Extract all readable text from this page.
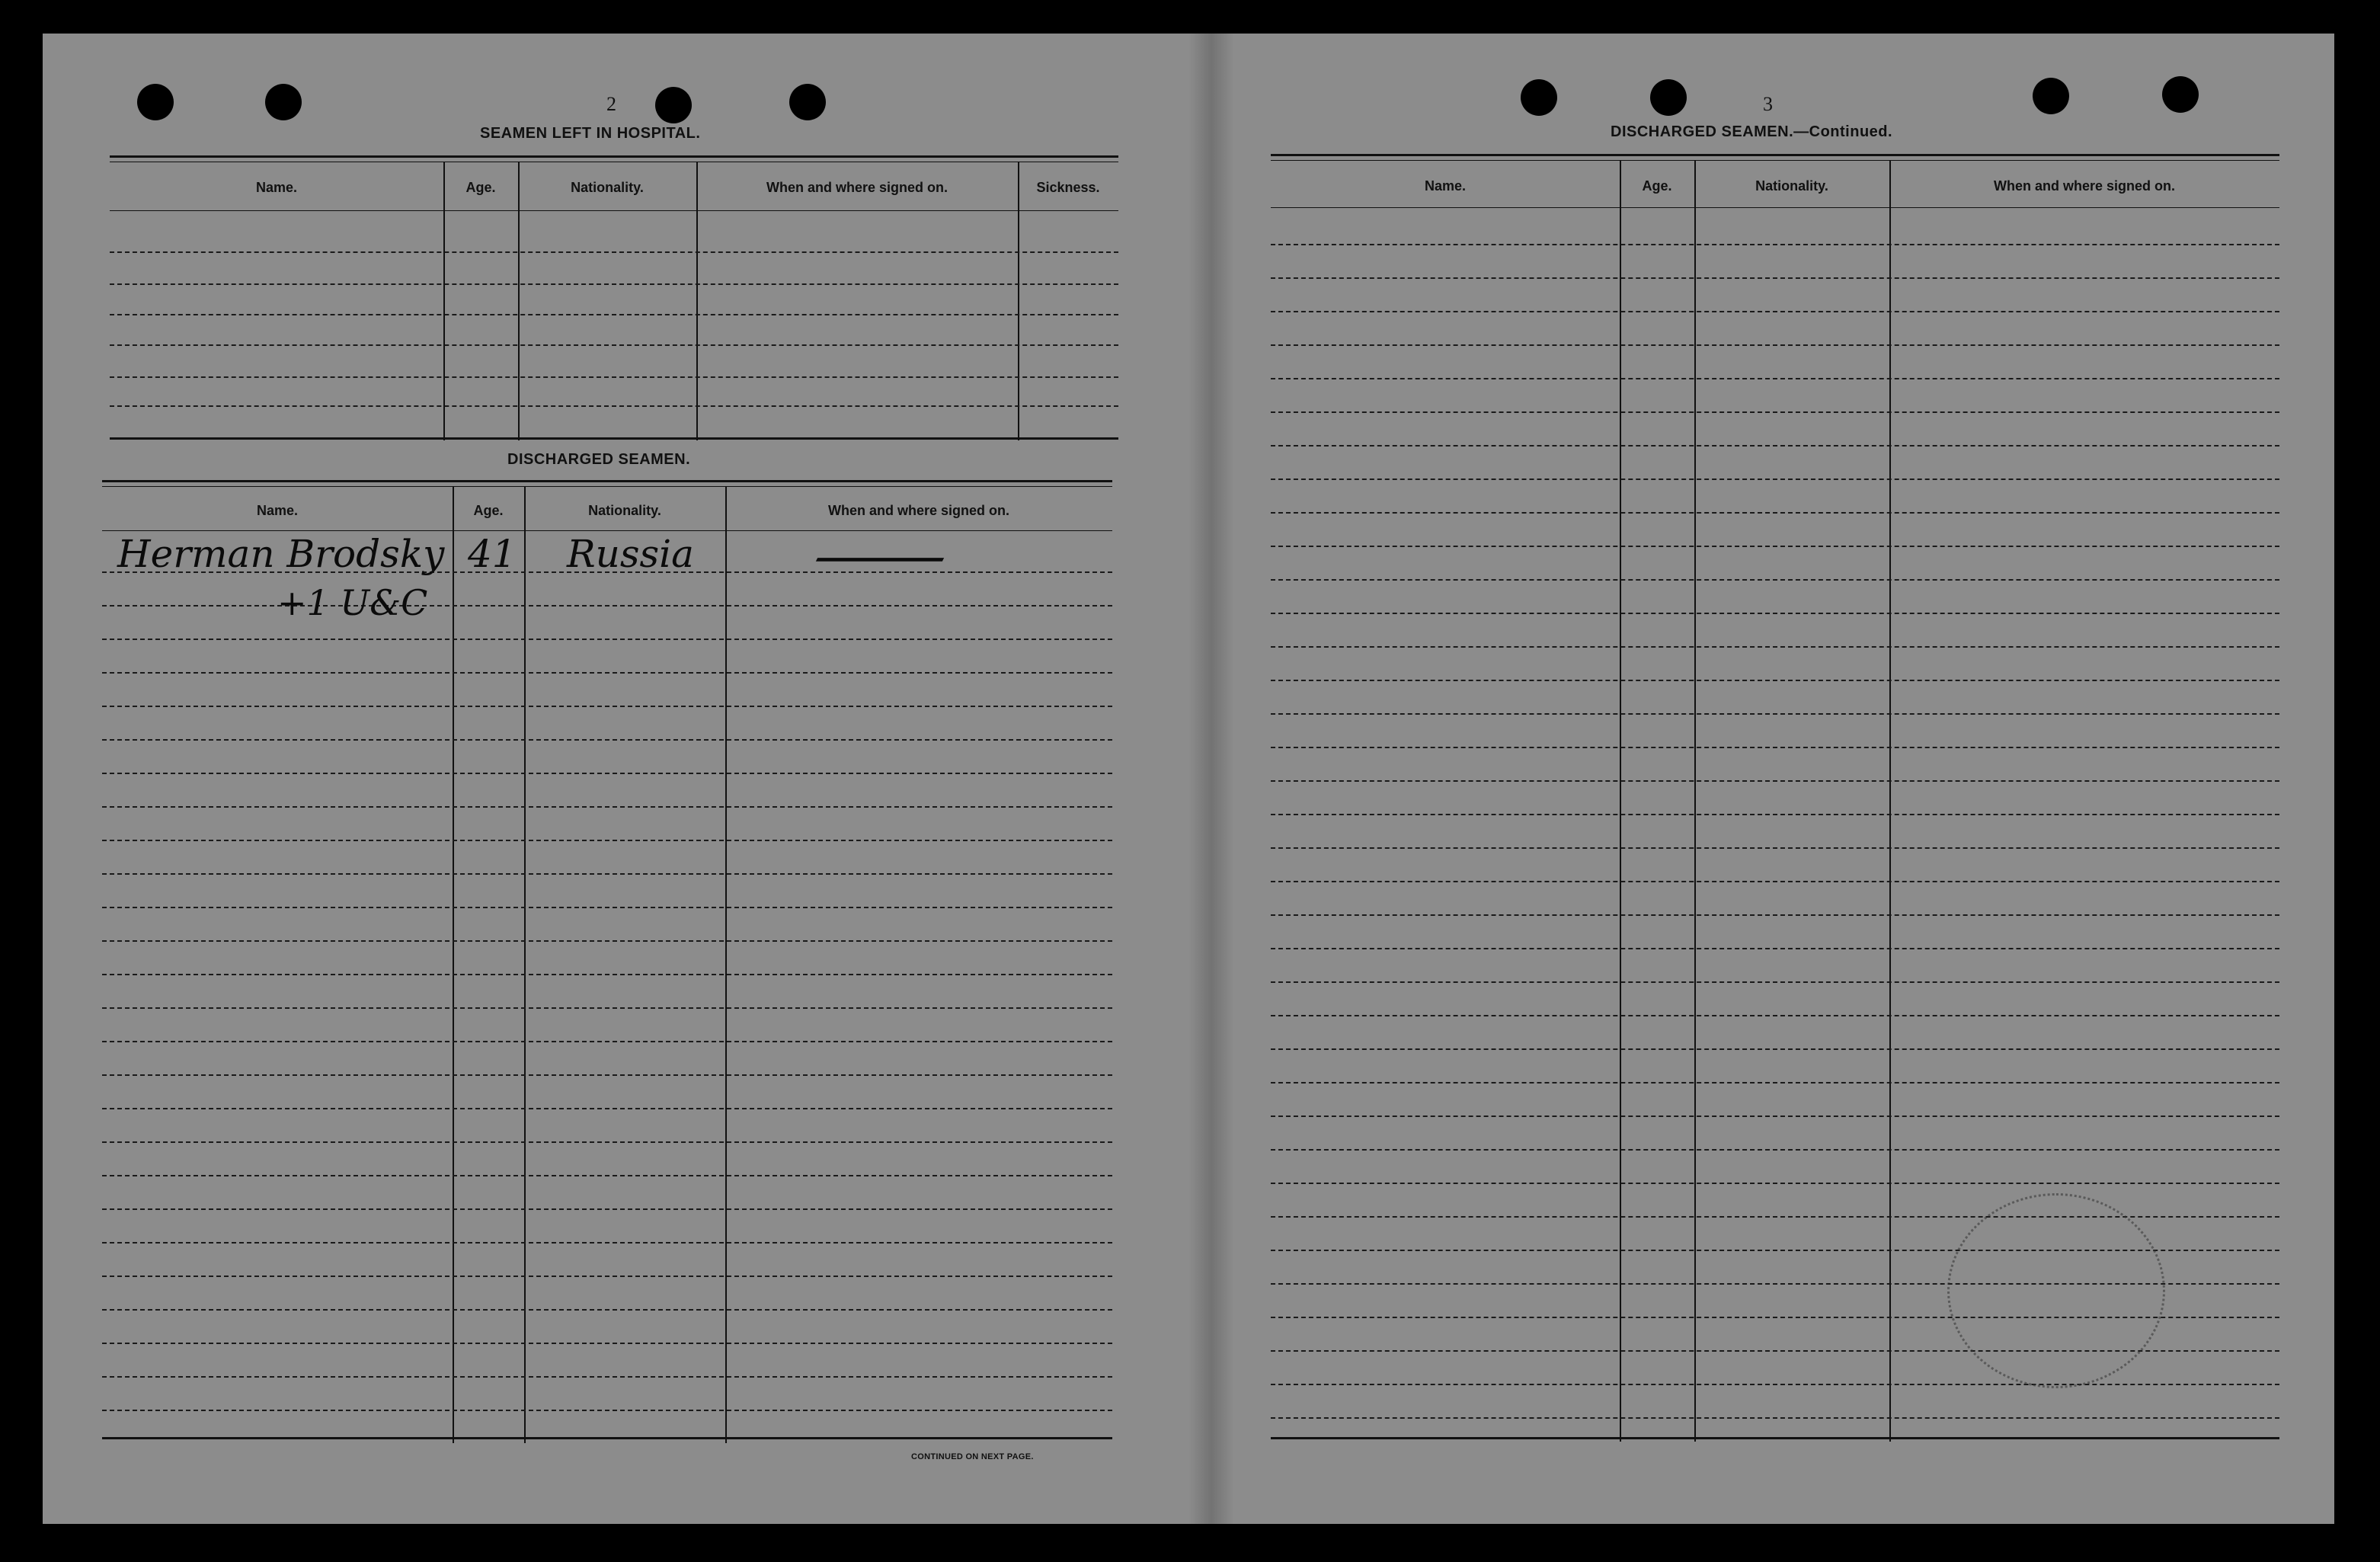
2
SEAMEN LEFT IN HOSPITAL.
Name.	Age.	Nationality.	When and where signed on.	Sickness.
DISCHARGED SEAMEN.
Name.	Age.	Nationality.	When and where signed on.
Herman Brodsky 41 Russia —
+1 U&C
CONTINUED ON NEXT PAGE.
3
DISCHARGED SEAMEN.—Continued.
Name.	Age.	Nationality.	When and where signed on.
